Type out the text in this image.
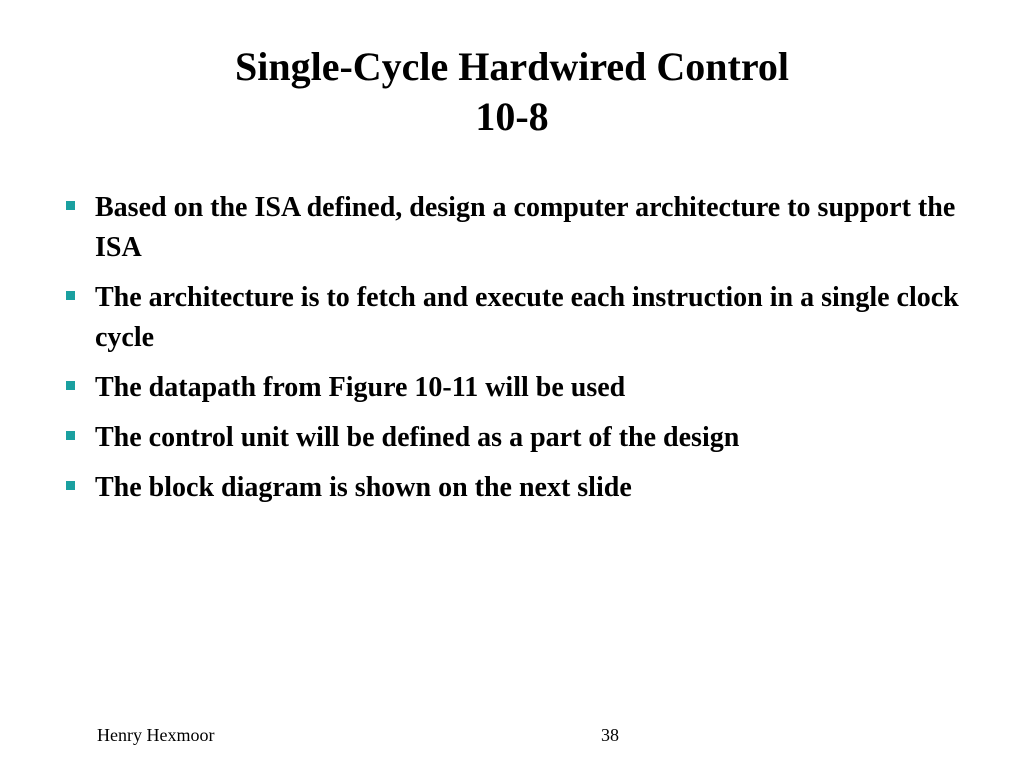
Single-Cycle Hardwired Control
10-8
Based on the ISA defined, design a computer architecture to support the ISA
The architecture is to fetch and execute each instruction in a single clock cycle
The datapath from Figure 10-11 will be used
The control unit will be defined as a part of the design
The block diagram is shown on the next slide
Henry Hexmoor	38
